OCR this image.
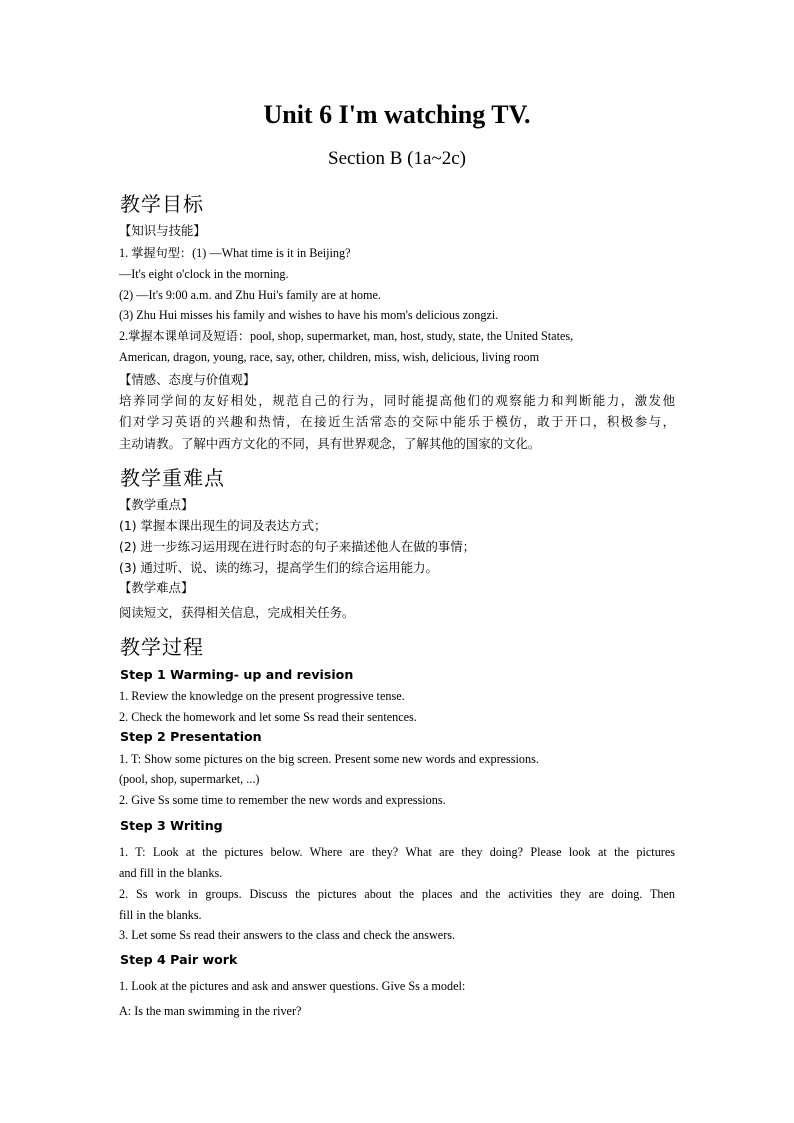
Unit 6 I'm watching TV.
Section B (1a~2c)
教学目标
【知识与技能】
1. 掌握句型：(1) —What time is it in Beijing?
—It's eight o'clock in the morning.
(2) —It's 9:00 a.m. and Zhu Hui's family are at home.
(3) Zhu Hui misses his family and wishes to have his mom's delicious zongzi.
2.掌握本课单词及短语：pool, shop, supermarket, man, host, study, state, the United States,
American, dragon, young, race, say, other, children, miss, wish, delicious, living room
【情感、态度与价值观】
培养同学间的友好相处，规范自己的行为，同时能提高他们的观察能力和判断能力，激发他
们对学习英语的兴趣和热情，在接近生活常态的交际中能乐于模仿，敢于开口，积极参与，
主动请教。了解中西方文化的不同，具有世界观念，了解其他的国家的文化。
教学重难点
【教学重点】
(1) 掌握本课出现生的词及表达方式；
(2) 进一步练习运用现在进行时态的句子来描述他人在做的事情；
(3) 通过听、说、读的练习，提高学生们的综合运用能力。
【教学难点】
阅读短文，获得相关信息，完成相关任务。
教学过程
Step 1 Warming- up and revision
1. Review the knowledge on the present progressive tense.
2. Check the homework and let some Ss read their sentences.
Step 2 Presentation
1. T: Show some pictures on the big screen. Present some new words and expressions.
(pool, shop, supermarket, ...)
2. Give Ss some time to remember the new words and expressions.
Step 3 Writing
1. T: Look at the pictures below. Where are they? What are they doing? Please look at the pictures
and fill in the blanks.
2. Ss work in groups. Discuss the pictures about the places and the activities they are doing. Then
fill in the blanks.
3. Let some Ss read their answers to the class and check the answers.
Step 4 Pair work
1. Look at the pictures and ask and answer questions. Give Ss a model:
A: Is the man swimming in the river?
